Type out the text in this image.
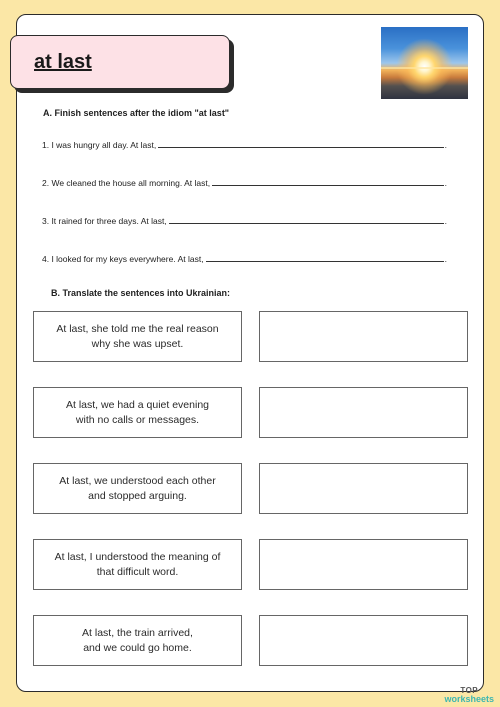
at last
A. Finish sentences after the idiom "at last"
1. I was hungry all day. At last,	.
2. We cleaned the house all morning. At last,	.
3. It rained for three days. At last,	.
4. I looked for my keys everywhere. At last,	.
B. Translate the sentences into Ukrainian:
At last, she told me the real reason
why she was upset.
At last, we had a quiet evening
with no calls or messages.
At last, we understood each other
and stopped arguing.
At last, I understood the meaning of
that difficult word.
At last, the train arrived,
and we could go home.
TOP
worksheets
